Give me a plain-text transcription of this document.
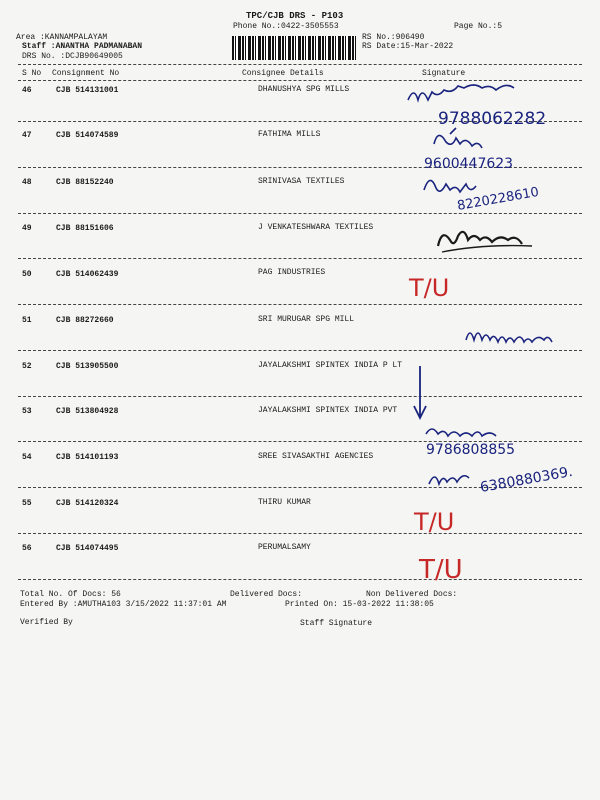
TPC/CJB DRS - P103
Phone No.:0422-3505553	Page No.:5
Area :KANNAMPALAYAM
Staff :ANANTHA PADMANABAN
DRS No. :DCJB90649005
RS No.:906490
RS Date:15-Mar-2022
S No Consignment No	Consignee Details	Signature
46	CJB 514131001	DHANUSHYA SPG MILLS
47	CJB 514074589	FATHIMA MILLS
48	CJB 88152240	SRINIVASA TEXTILES
49	CJB 88151606	J VENKATESHWARA TEXTILES
50	CJB 514062439	PAG INDUSTRIES
51	CJB 88272660	SRI MURUGAR SPG MILL
52	CJB 513905500	JAYALAKSHMI SPINTEX INDIA P LT
53	CJB 513804928	JAYALAKSHMI SPINTEX INDIA PVT
54	CJB 514101193	SREE SIVASAKTHI AGENCIES
55	CJB 514120324	THIRU KUMAR
56	CJB 514074495	PERUMALSAMY
9788062282
9600447623
8220228610
T/U
9786808855
6380880369.
T/U
T/U
Total No. Of Docs: 56	Delivered Docs:	Non Delivered Docs:
Entered By :AMUTHA103 3/15/2022 11:37:01 AM	Printed On: 15-03-2022 11:38:05
Verified By	Staff Signature
